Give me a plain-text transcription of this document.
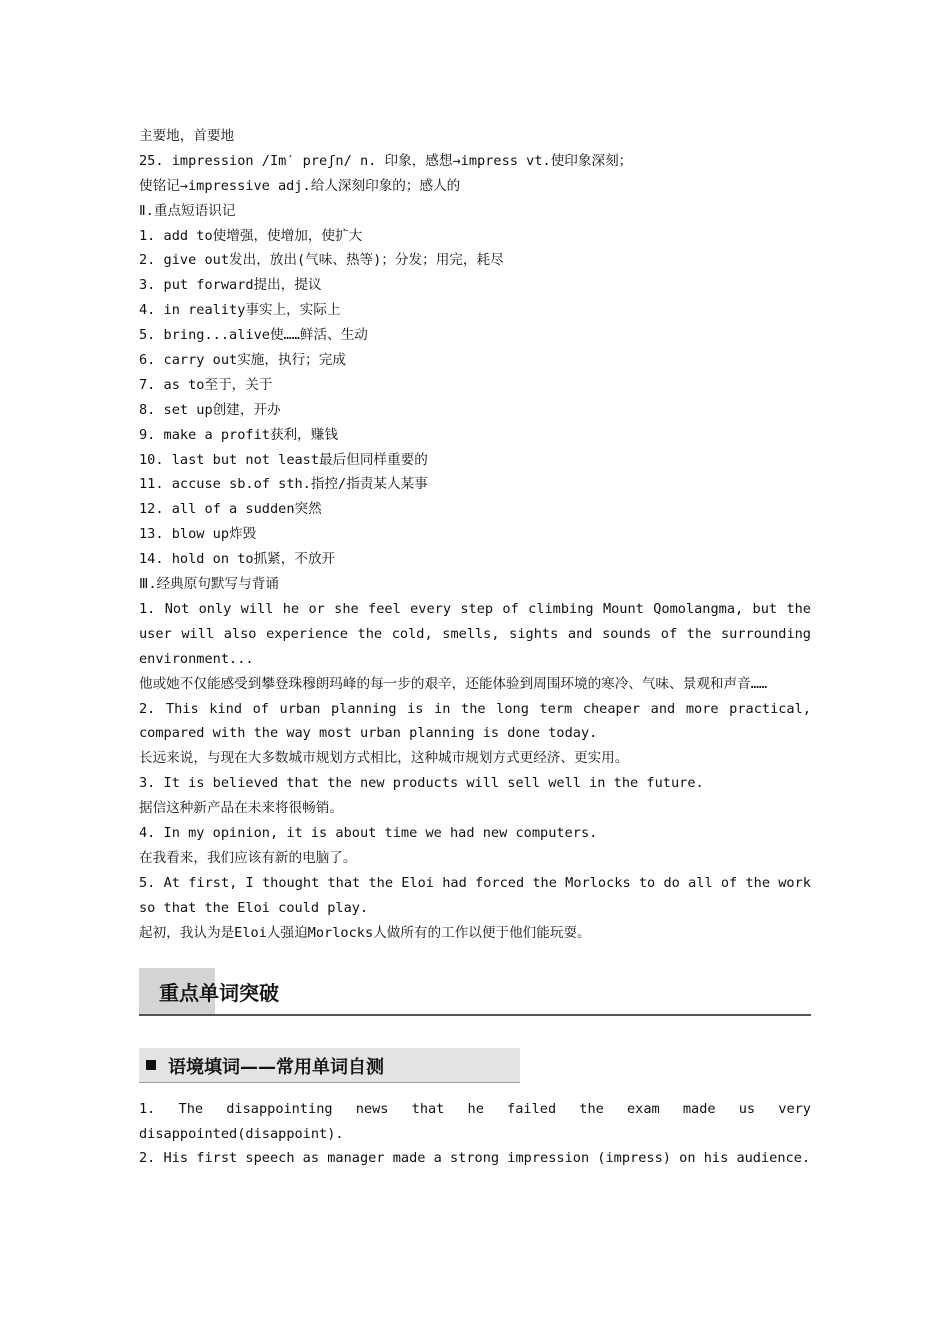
主要地，首要地
25. impression /Im′ preʃn/ n. 印象，感想→impress vt.使印象深刻；
使铭记→impressive adj.给人深刻印象的；感人的
Ⅱ.重点短语识记
1. add to使增强，使增加，使扩大
2. give out发出，放出(气味、热等)；分发；用完，耗尽
3. put forward提出，提议
4. in reality事实上，实际上
5. bring...alive使……鲜活、生动
6. carry out实施，执行；完成
7. as to至于，关于
8. set up创建，开办
9. make a profit获利，赚钱
10. last but not least最后但同样重要的
11. accuse sb.of sth.指控/指责某人某事
12. all of a sudden突然
13. blow up炸毁
14. hold on to抓紧，不放开
Ⅲ.经典原句默写与背诵
1. Not only will he or she feel every step of climbing Mount Qomolangma, but the user will also experience the cold, smells, sights and sounds of the surrounding environment...
他或她不仅能感受到攀登珠穆朗玛峰的每一步的艰辛，还能体验到周围环境的寒冷、气味、景观和声音……
2. This kind of urban planning is in the long term cheaper and more practical, compared with the way most urban planning is done today.
长远来说，与现在大多数城市规划方式相比，这种城市规划方式更经济、更实用。
3. It is believed that the new products will sell well in the future.
据信这种新产品在未来将很畅销。
4. In my opinion, it is about time we had new computers.
在我看来，我们应该有新的电脑了。
5. At first, I thought that the Eloi had forced the Morlocks to do all of the work so that the Eloi could play.
起初，我认为是Eloi人强迫Morlocks人做所有的工作以便于他们能玩耍。
重点单词突破
语境填词——常用单词自测
1. The disappointing news that he failed the exam made us very disappointed(disappoint).
2. His first speech as manager made a strong impression (impress) on his audience.
